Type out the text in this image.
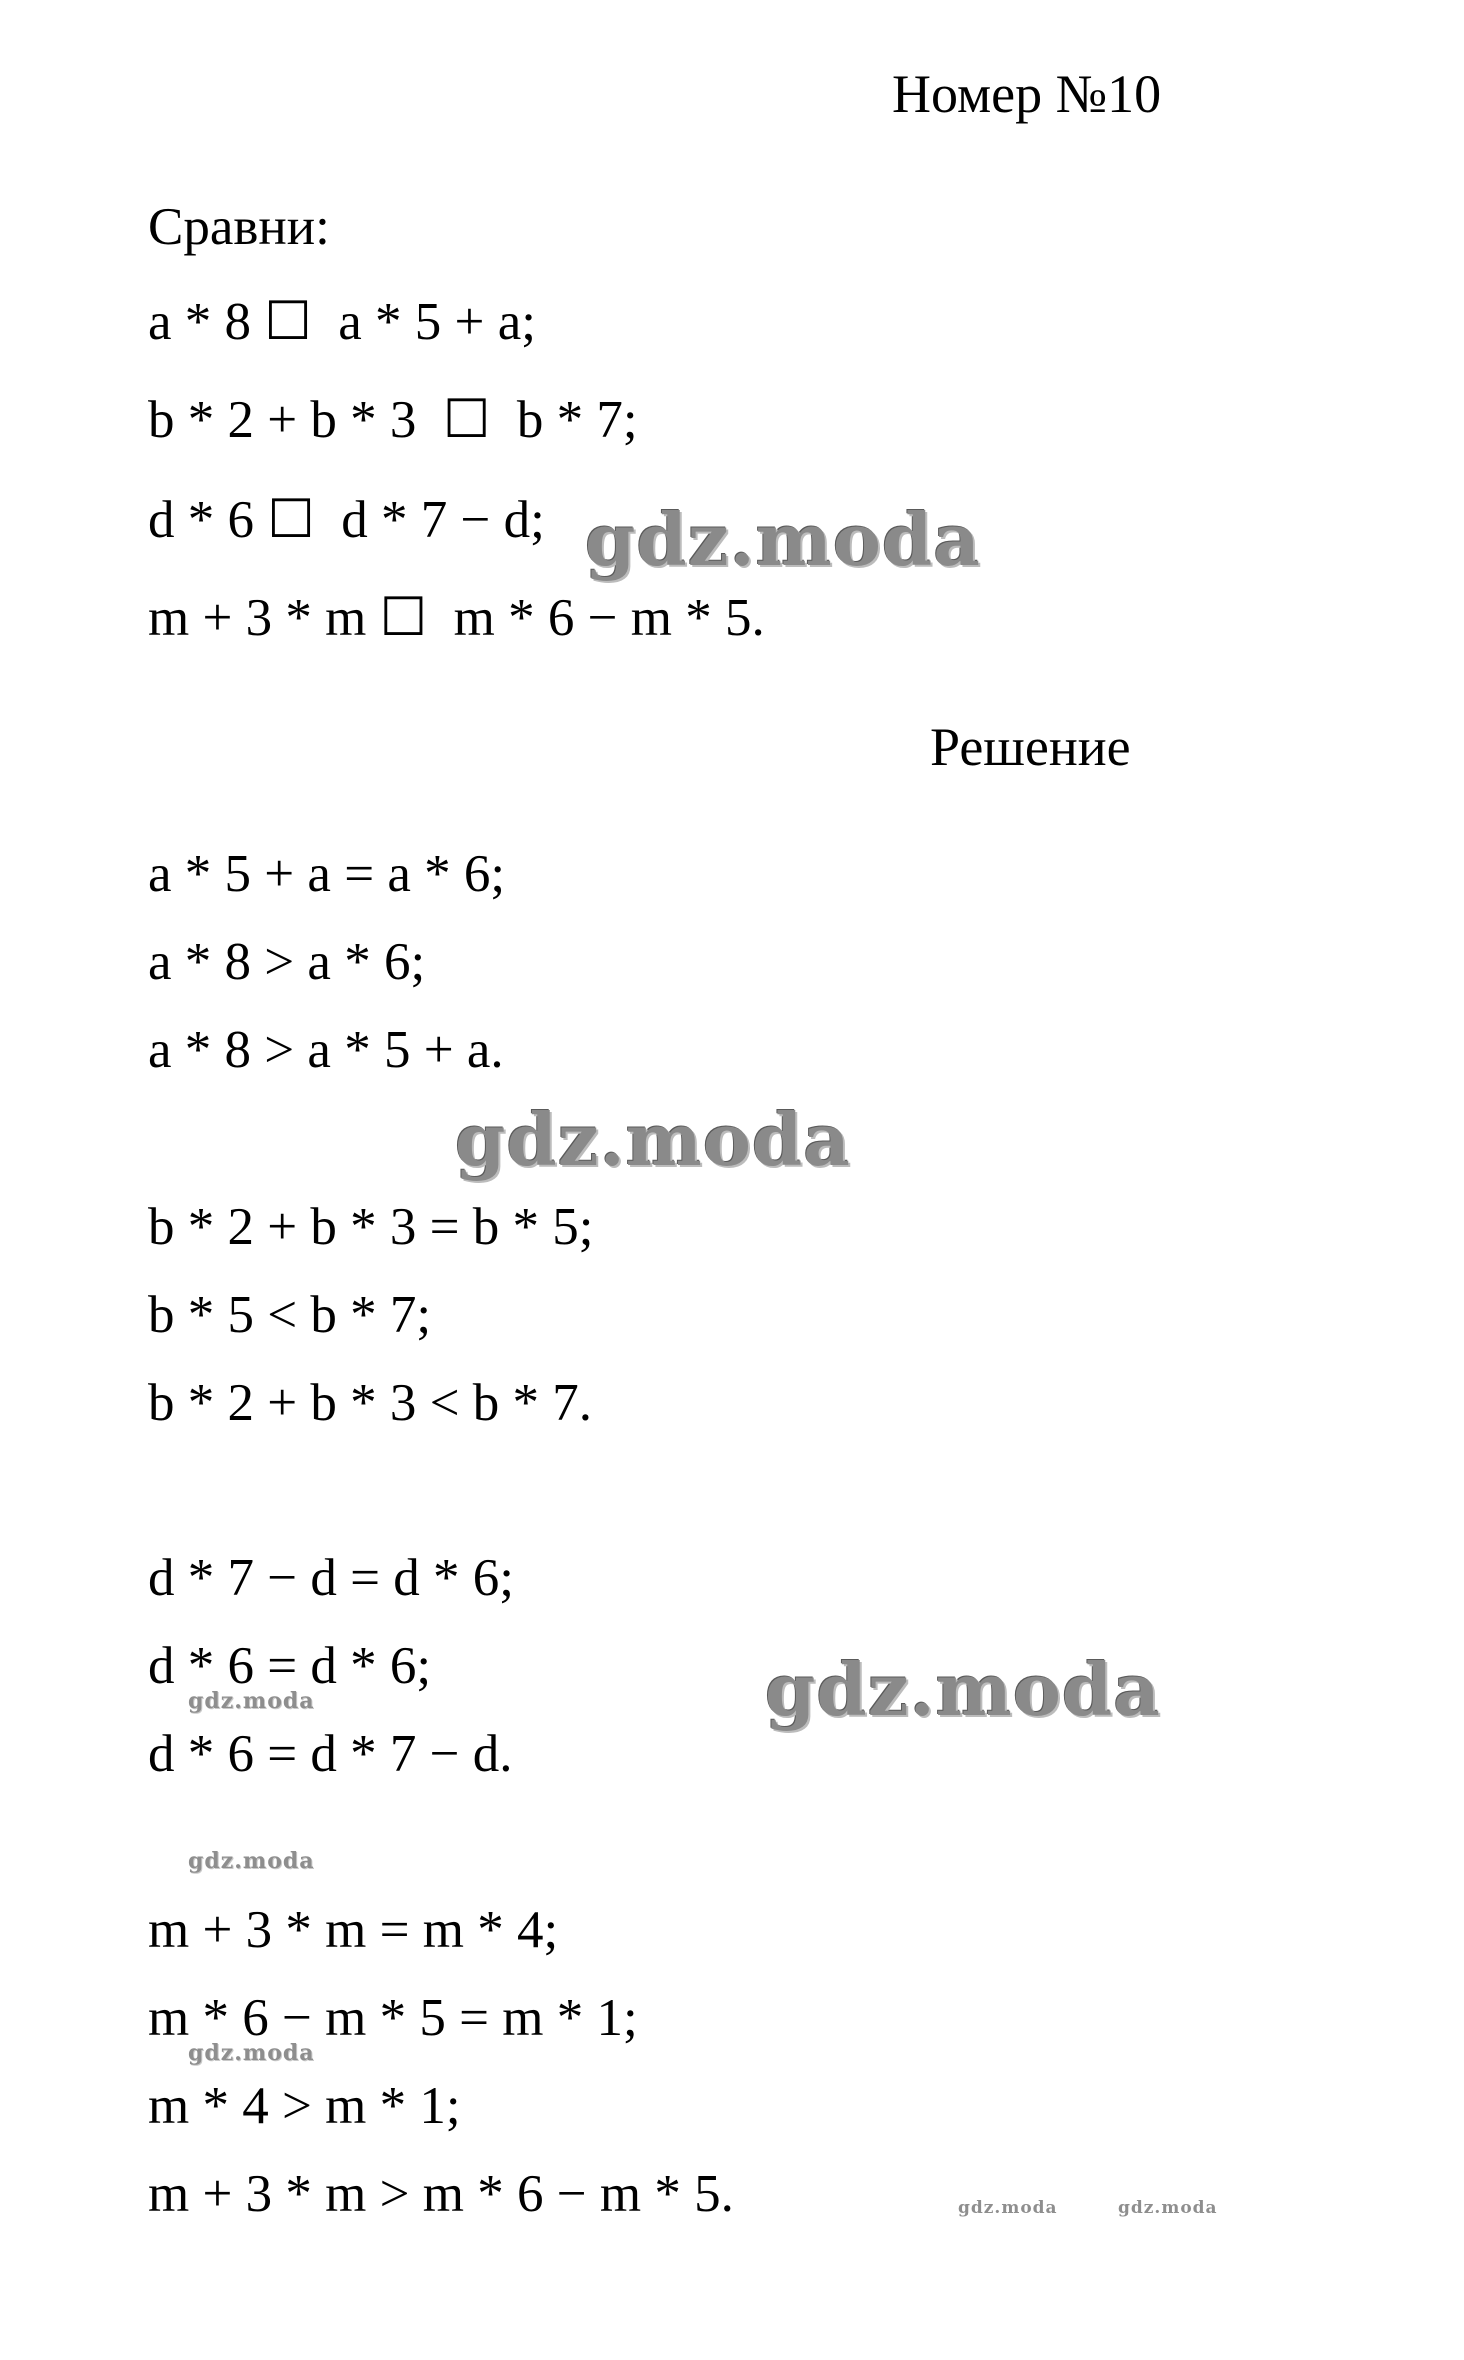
Номер №10
Сравни:
a * 8 ☐  a * 5 + a;
b * 2 + b * 3  ☐  b * 7;
d * 6 ☐  d * 7 − d;
m + 3 * m ☐  m * 6 − m * 5.
Решение
a * 5 + a = a * 6;
a * 8 > a * 6;
a * 8 > a * 5 + a.
b * 2 + b * 3 = b * 5;
b * 5 < b * 7;
b * 2 + b * 3 < b * 7.
d * 7 − d = d * 6;
d * 6 = d * 6;
d * 6 = d * 7 − d.
m + 3 * m = m * 4;
m * 6 − m * 5 = m * 1;
m * 4 > m * 1;
m + 3 * m > m * 6 − m * 5.
gdz.moda
gdz.moda
gdz.moda
gdz.moda
gdz.moda
gdz.moda
gdz.moda	gdz.moda
